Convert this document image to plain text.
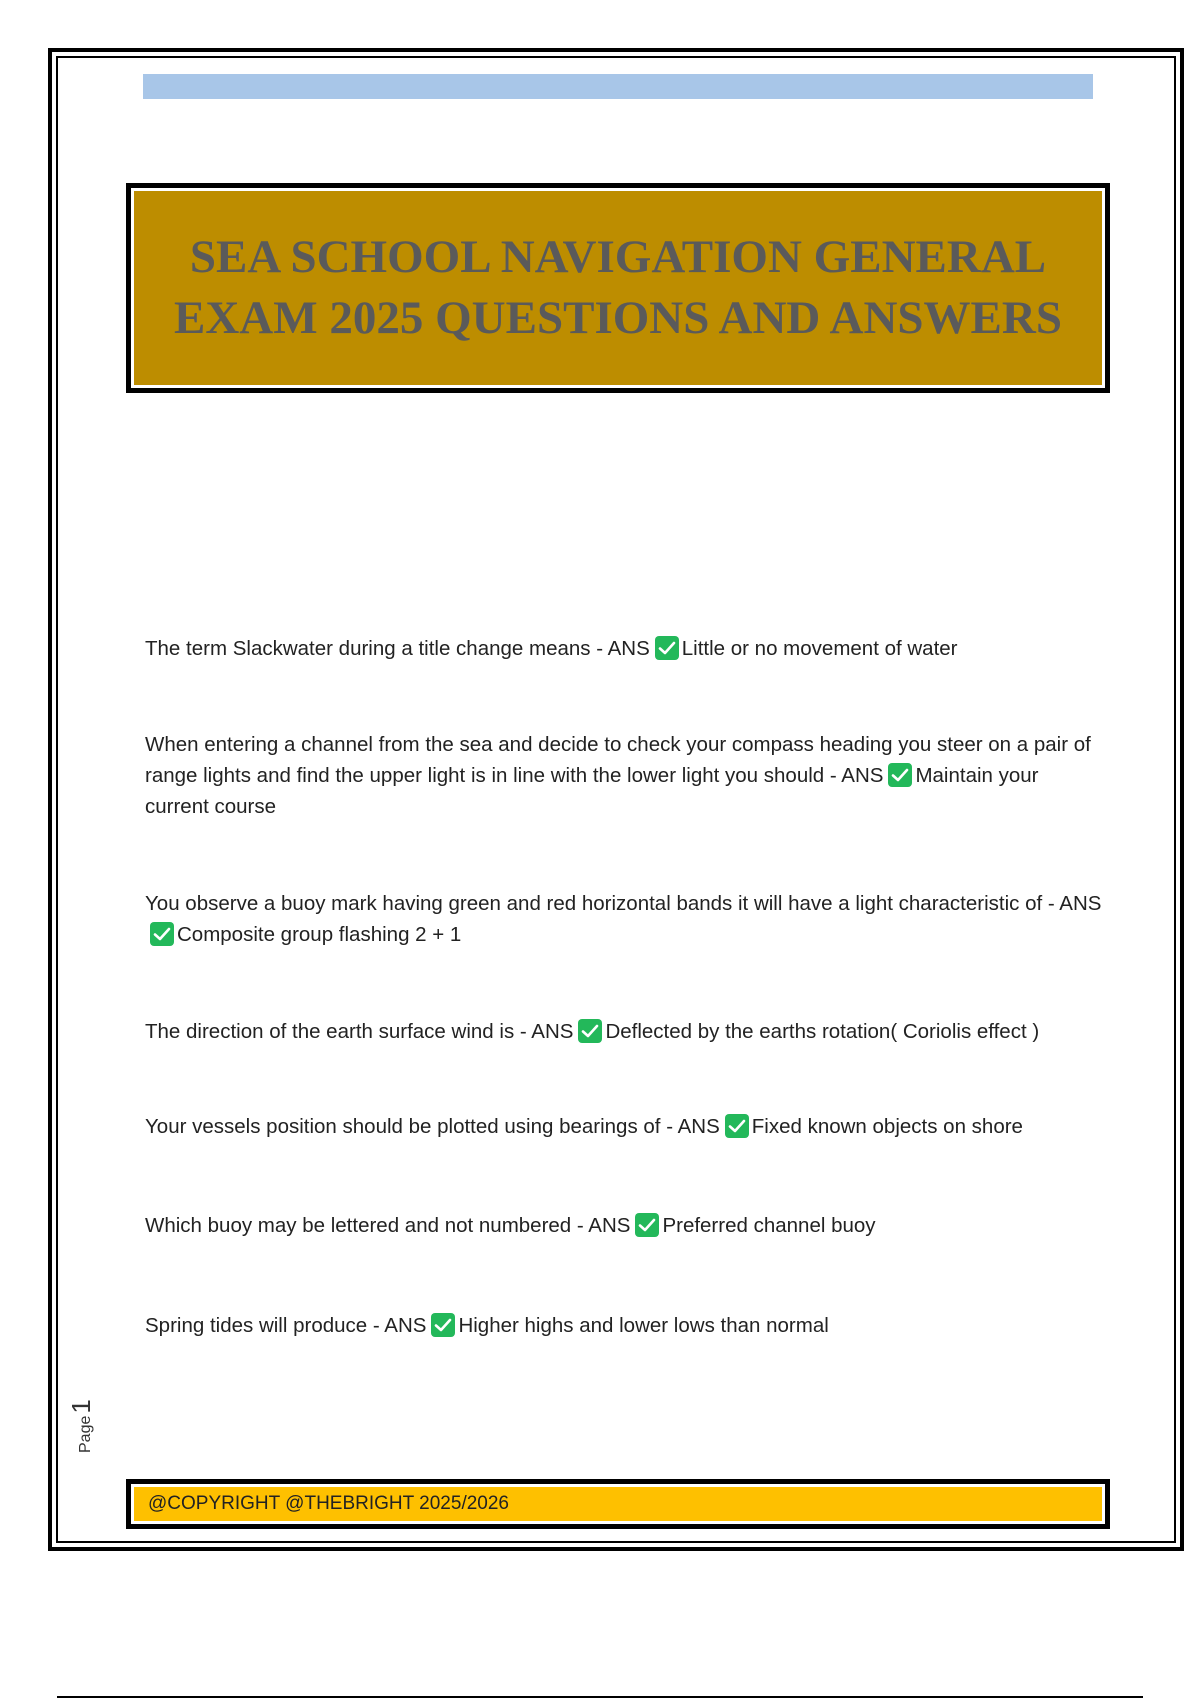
SEA SCHOOL NAVIGATION GENERAL EXAM 2025 QUESTIONS AND ANSWERS

The term Slackwater during a title change means - ANS Little or no movement of water

When entering a channel from the sea and decide to check your compass heading you steer on a pair of range lights and find the upper light is in line with the lower light you should - ANS Maintain your current course

You observe a buoy mark having green and red horizontal bands it will have a light characteristic of - ANS
Composite group flashing 2 + 1

The direction of the earth surface wind is - ANS Deflected by the earths rotation( Coriolis effect )

Your vessels position should be plotted using bearings of - ANS Fixed known objects on shore

Which buoy may be lettered and not numbered - ANS Preferred channel buoy

Spring tides will produce - ANS Higher highs and lower lows than normal

Page
1
@COPYRIGHT @THEBRIGHT 2025/2026
